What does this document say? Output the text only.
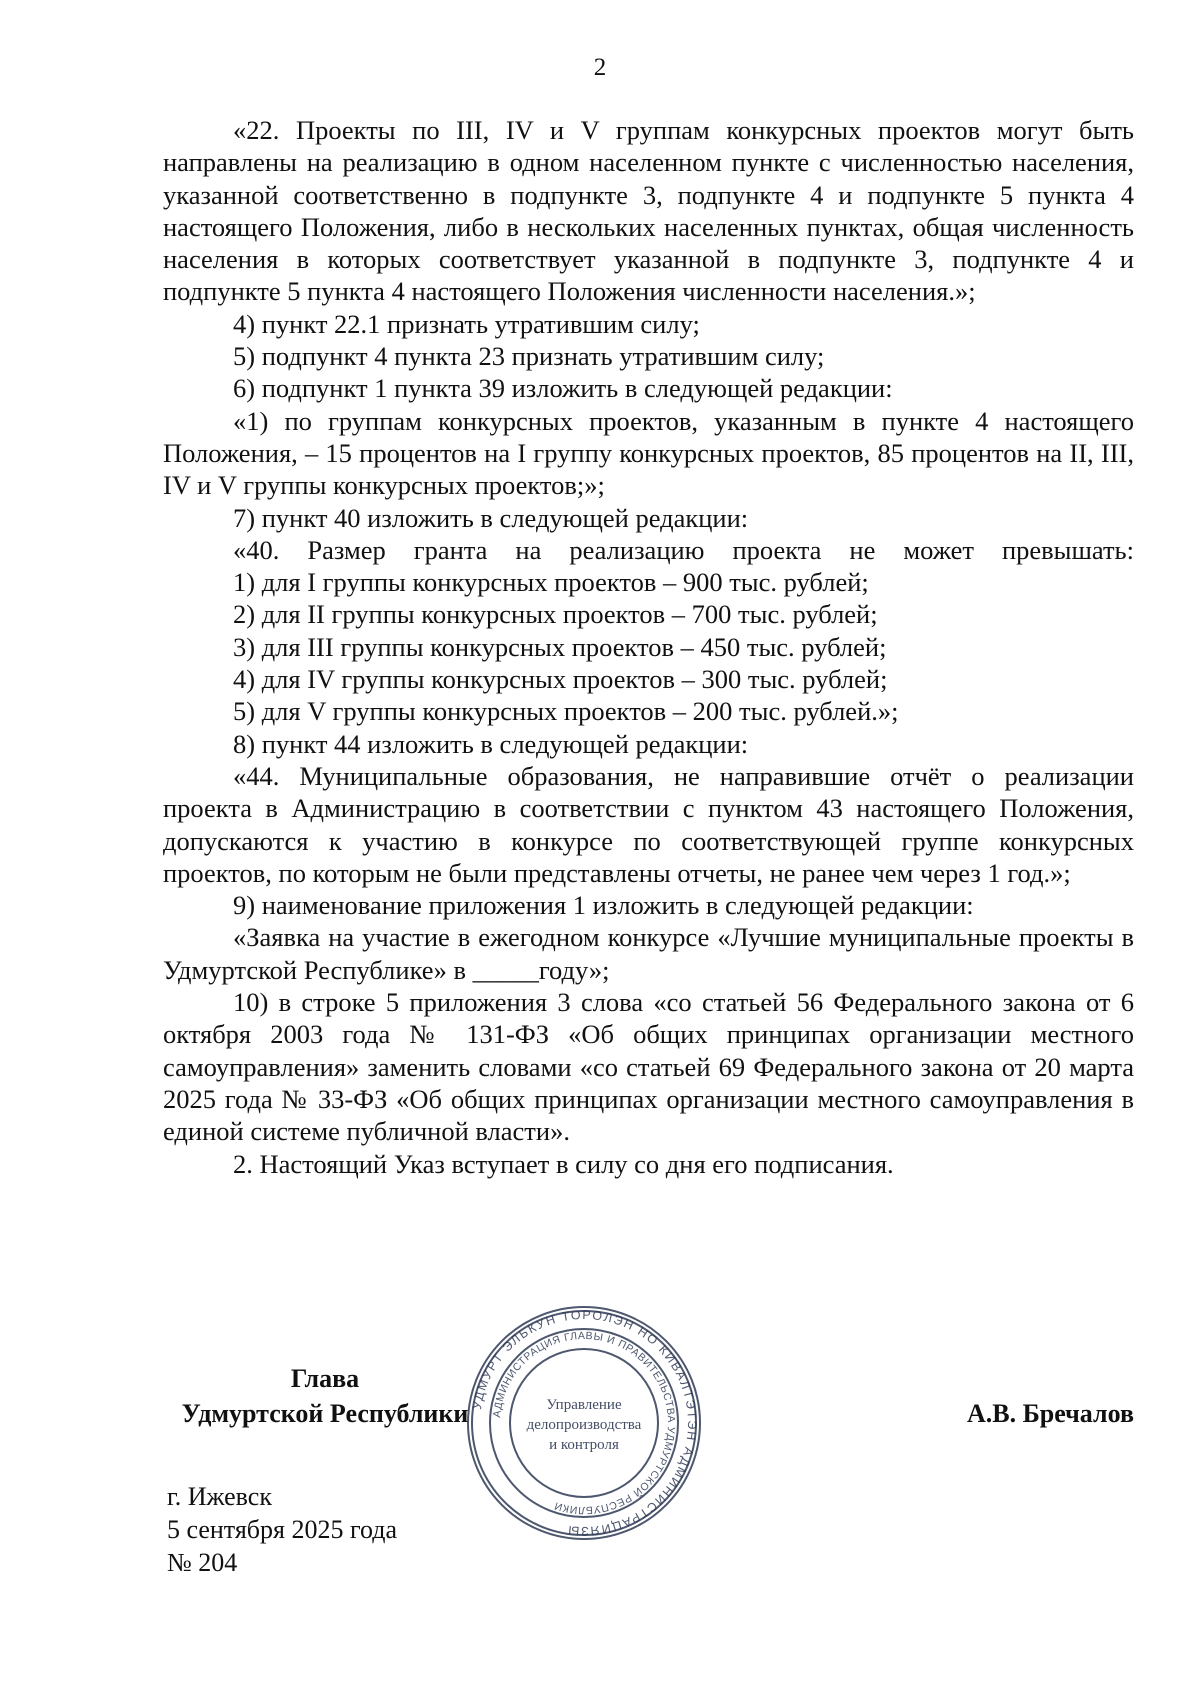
2

«22. Проекты по III, IV и V группам конкурсных проектов могут быть направлены на реализацию в одном населенном пункте с численностью населения, указанной соответственно в подпункте 3, подпункте 4 и подпункте 5 пункта 4 настоящего Положения, либо в нескольких населенных пунктах, общая численность населения в которых соответствует указанной в подпункте 3, подпункте 4 и подпункте 5 пункта 4 настоящего Положения численности населения.»;

4) пункт 22.1 признать утратившим силу;

5) подпункт 4 пункта 23 признать утратившим силу;

6) подпункт 1 пункта 39 изложить в следующей редакции:

«1) по группам конкурсных проектов, указанным в пункте 4 настоящего Положения, – 15 процентов на I группу конкурсных проектов, 85 процентов на II, III, IV и V группы конкурсных проектов;»;

7) пункт 40 изложить в следующей редакции:

«40. Размер гранта на реализацию проекта не может превышать:

1) для I группы конкурсных проектов – 900 тыс. рублей;

2) для II группы конкурсных проектов – 700 тыс. рублей;

3) для III группы конкурсных проектов – 450 тыс. рублей;

4) для IV группы конкурсных проектов – 300 тыс. рублей;

5) для V группы конкурсных проектов – 200 тыс. рублей.»;

8) пункт 44 изложить в следующей редакции:

«44. Муниципальные образования, не направившие отчёт о реализации проекта в Администрацию в соответствии с пунктом 43 настоящего Положения, допускаются к участию в конкурсе по соответствующей группе конкурсных проектов, по которым не были представлены отчеты, не ранее чем через 1 год.»;

9) наименование приложения 1 изложить в следующей редакции:

«Заявка на участие в ежегодном конкурсе «Лучшие муниципальные проекты в Удмуртской Республике» в _____году»;

10) в строке 5 приложения 3 слова «со статьей 56 Федерального закона от 6 октября 2003 года № 131-ФЗ «Об общих принципах организации местного самоуправления» заменить словами «со статьей 69 Федерального закона от 20 марта 2025 года № 33-ФЗ «Об общих принципах организации местного самоуправления в единой системе публичной власти».

2. Настоящий Указ вступает в силу со дня его подписания.

Глава
Удмуртской Республики	А.В. Бречалов
г. Ижевск
5 сентября 2025 года
№ 204
УДМУРТ ЭЛЬКУН ТОРОЛЭН НО КИВАЛТЭТЭН АДМИНИСТРАЦИЯЗЫ
АДМИНИСТРАЦИЯ ГЛАВЫ И ПРАВИТЕЛЬСТВА УДМУРТСКОЙ РЕСПУБЛИКИ
Управление
делопроизводства
и контроля
